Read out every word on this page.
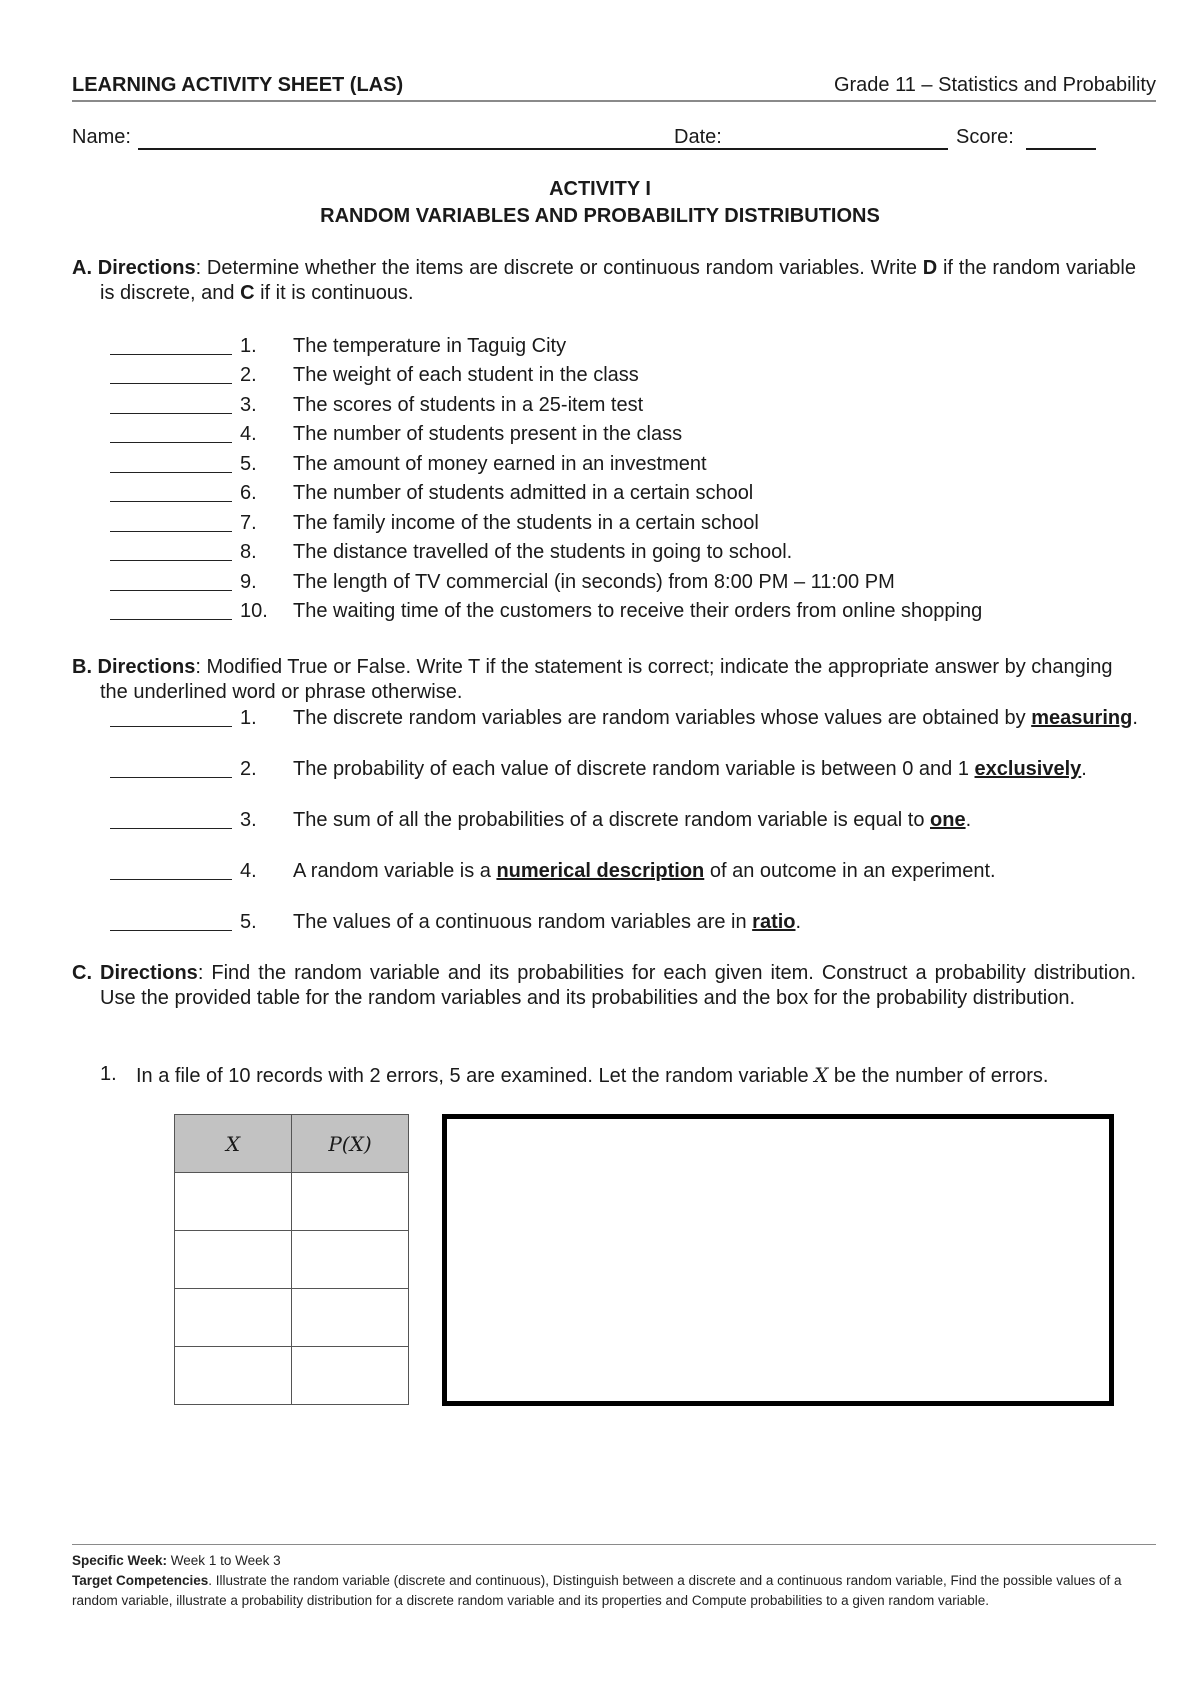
LEARNING ACTIVITY SHEET (LAS)	Grade 11 – Statistics and Probability
Name:	Date:	Score:
ACTIVITY I
RANDOM VARIABLES AND PROBABILITY DISTRIBUTIONS
A. Directions: Determine whether the items are discrete or continuous random variables. Write D if the random variable is discrete, and C if it is continuous.
1.	The temperature in Taguig City
2.	The weight of each student in the class
3.	The scores of students in a 25-item test
4.	The number of students present in the class
5.	The amount of money earned in an investment
6.	The number of students admitted in a certain school
7.	The family income of the students in a certain school
8.	The distance travelled of the students in going to school.
9.	The length of TV commercial (in seconds) from 8:00 PM – 11:00 PM
10.	The waiting time of the customers to receive their orders from online shopping
B. Directions: Modified True or False. Write T if the statement is correct; indicate the appropriate answer by changing the underlined word or phrase otherwise.
1.	The discrete random variables are random variables whose values are obtained by measuring.
2.	The probability of each value of discrete random variable is between 0 and 1 exclusively.
3.	The sum of all the probabilities of a discrete random variable is equal to one.
4.	A random variable is a numerical description of an outcome in an experiment.
5.	The values of a continuous random variables are in ratio.
C. Directions: Find the random variable and its probabilities for each given item. Construct a probability distribution. Use the provided table for the random variables and its probabilities and the box for the probability distribution.
1. In a file of 10 records with 2 errors, 5 are examined. Let the random variable X be the number of errors.
X	P(X)

Specific Week: Week 1 to Week 3
Target Competencies. Illustrate the random variable (discrete and continuous), Distinguish between a discrete and a continuous random variable, Find the possible values of a random variable, illustrate a probability distribution for a discrete random variable and its properties and Compute probabilities to a given random variable.
